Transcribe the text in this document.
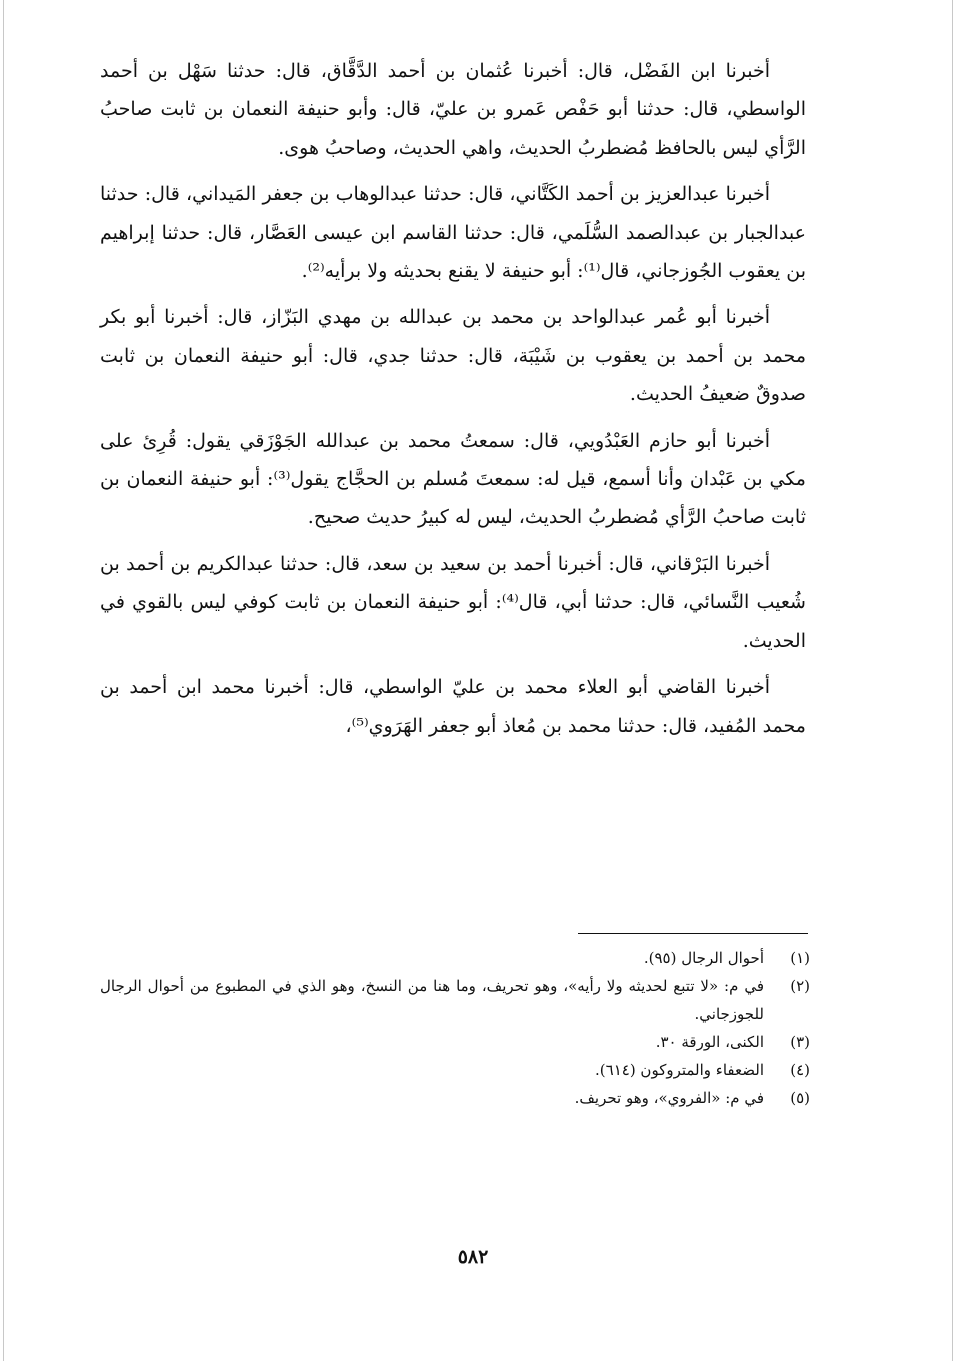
أخبرنا ابن الفَضْل، قال: أخبرنا عُثمان بن أحمد الدَّقَّاق، قال: حدثنا سَهْل بن أحمد الواسطي، قال: حدثنا أبو حَفْص عَمرو بن عليّ، قال: وأبو حنيفة النعمان بن ثابت صاحبُ الرَّأي ليس بالحافظ مُضطربُ الحديث، واهي الحديث، وصاحبُ هوى.

أخبرنا عبدالعزيز بن أحمد الكَتَّاني، قال: حدثنا عبدالوهاب بن جعفر المَيداني، قال: حدثنا عبدالجبار بن عبدالصمد السُّلَمي، قال: حدثنا القاسم ابن عيسى العَصَّار، قال: حدثنا إبراهيم بن يعقوب الجُوزجاني، قال⁽¹⁾: أبو حنيفة لا يقنع بحديثه ولا برأيه⁽²⁾.

أخبرنا أبو عُمر عبدالواحد بن محمد بن عبدالله بن مهدي البَزّاز، قال: أخبرنا أبو بكر محمد بن أحمد بن يعقوب بن شَيْبَة، قال: حدثنا جدي، قال: أبو حنيفة النعمان بن ثابت صدوقٌ ضعيفُ الحديث.

أخبرنا أبو حازم العَبْدُويي، قال: سمعتُ محمد بن عبدالله الجَوْزَقي يقول: قُرِئ على مكي بن عَبْدان وأنا أسمع، قيل له: سمعتَ مُسلم بن الحجَّاج يقول⁽³⁾: أبو حنيفة النعمان بن ثابت صاحبُ الرَّأي مُضطربُ الحديث، ليس له كبيرُ حديث صحيح.

أخبرنا البَرْقاني، قال: أخبرنا أحمد بن سعيد بن سعد، قال: حدثنا عبدالكريم بن أحمد بن شُعيب النَّسائي، قال: حدثنا أبي، قال⁽⁴⁾: أبو حنيفة النعمان بن ثابت كوفي ليس بالقوي في الحديث.

أخبرنا القاضي أبو العلاء محمد بن عليّ الواسطي، قال: أخبرنا محمد ابن أحمد بن محمد المُفيد، قال: حدثنا محمد بن مُعاذ أبو جعفر الهَرَوي⁽⁵⁾،

(١)
أحوال الرجال (٩٥).
(٢)
في م: «لا تتبع لحديثه ولا رأيه»، وهو تحريف، وما هنا من النسخ، وهو الذي في المطبوع من أحوال الرجال للجوزجاني.
(٣)
الكنى، الورقة ٣٠.
(٤)
الضعفاء والمتروكون (٦١٤).
(٥)
في م: «الفروي»، وهو تحريف.
٥٨٢
